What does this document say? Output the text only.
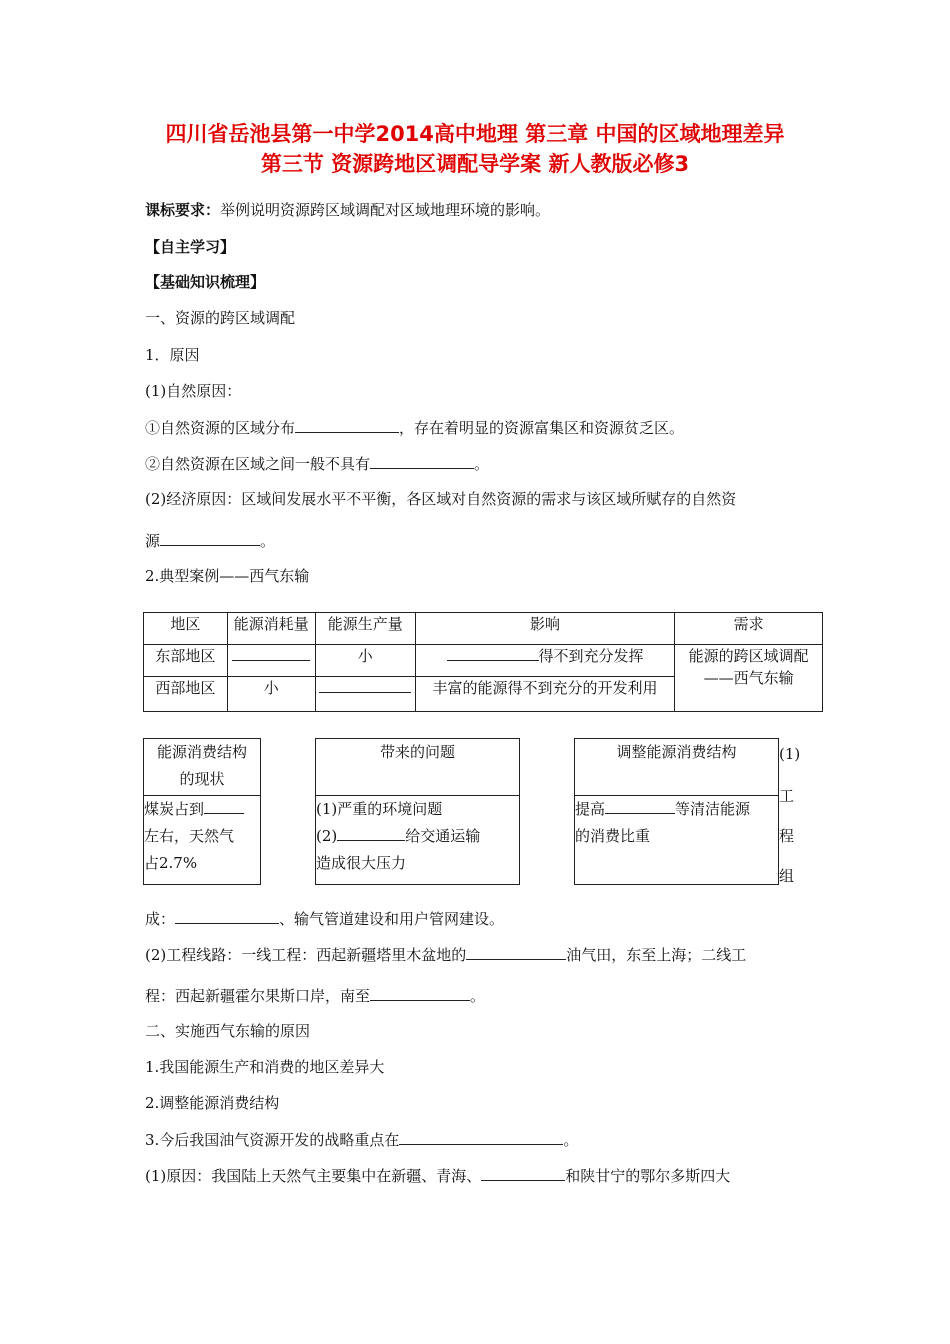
四川省岳池县第一中学2014高中地理 第三章 中国的区域地理差异
第三节 资源跨地区调配导学案 新人教版必修3
课标要求：举例说明资源跨区域调配对区域地理环境的影响。
【自主学习】
【基础知识梳理】
一、资源的跨区域调配
1．原因
(1)自然原因：
①自然资源的区域分布	，存在着明显的资源富集区和资源贫乏区。
②自然资源在区域之间一般不具有	。
(2)经济原因：区域间发展水平不平衡，各区域对自然资源的需求与该区域所赋存的自然资
源	。
2.典型案例——西气东输
地区	能源消耗量	能源生产量	影响	需求
东部地区		小	得不到充分发挥	能源的跨区域调配
——西气东输

西部地区	小		丰富的能源得不到充分的开发利用	
能源消费结构
的现状
煤炭占到
左右，天然气
占2.7%
带来的问题
(1)严重的环境问题
(2)	给交通运输
造成很大压力
调整能源消费结构
提高	等清洁能源
的消费比重
(1)
工
程
组
成：	、输气管道建设和用户管网建设。
(2)工程线路：一线工程：西起新疆塔里木盆地的	油气田，东至上海；二线工
程：西起新疆霍尔果斯口岸，南至	。
二、实施西气东输的原因
1.我国能源生产和消费的地区差异大
2.调整能源消费结构
3.今后我国油气资源开发的战略重点在	。
(1)原因：我国陆上天然气主要集中在新疆、青海、	和陕甘宁的鄂尔多斯四大
